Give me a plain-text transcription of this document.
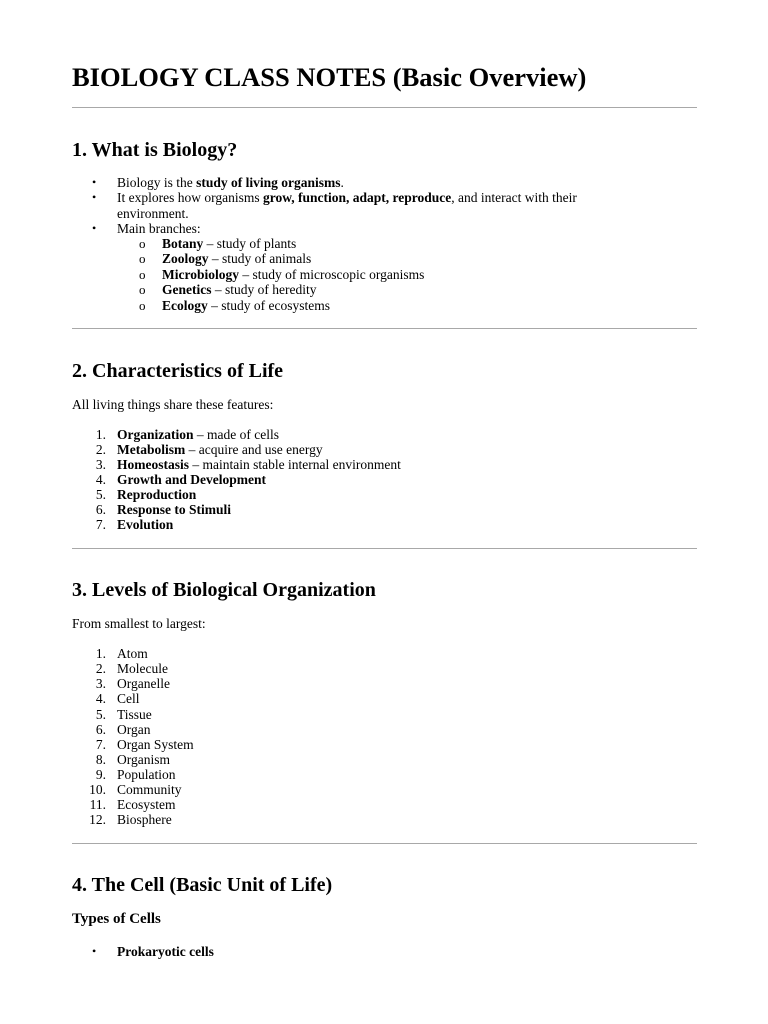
BIOLOGY CLASS NOTES (Basic Overview)
1. What is Biology?
• Biology is the study of living organisms.
• It explores how organisms grow, function, adapt, reproduce, and interact with their
environment.
• Main branches:
o Botany – study of plants
o Zoology – study of animals
o Microbiology – study of microscopic organisms
o Genetics – study of heredity
o Ecology – study of ecosystems
2. Characteristics of Life
All living things share these features:
1. Organization – made of cells
2. Metabolism – acquire and use energy
3. Homeostasis – maintain stable internal environment
4. Growth and Development
5. Reproduction
6. Response to Stimuli
7. Evolution
3. Levels of Biological Organization
From smallest to largest:
1. Atom
2. Molecule
3. Organelle
4. Cell
5. Tissue
6. Organ
7. Organ System
8. Organism
9. Population
10. Community
11. Ecosystem
12. Biosphere
4. The Cell (Basic Unit of Life)
Types of Cells
• Prokaryotic cells
